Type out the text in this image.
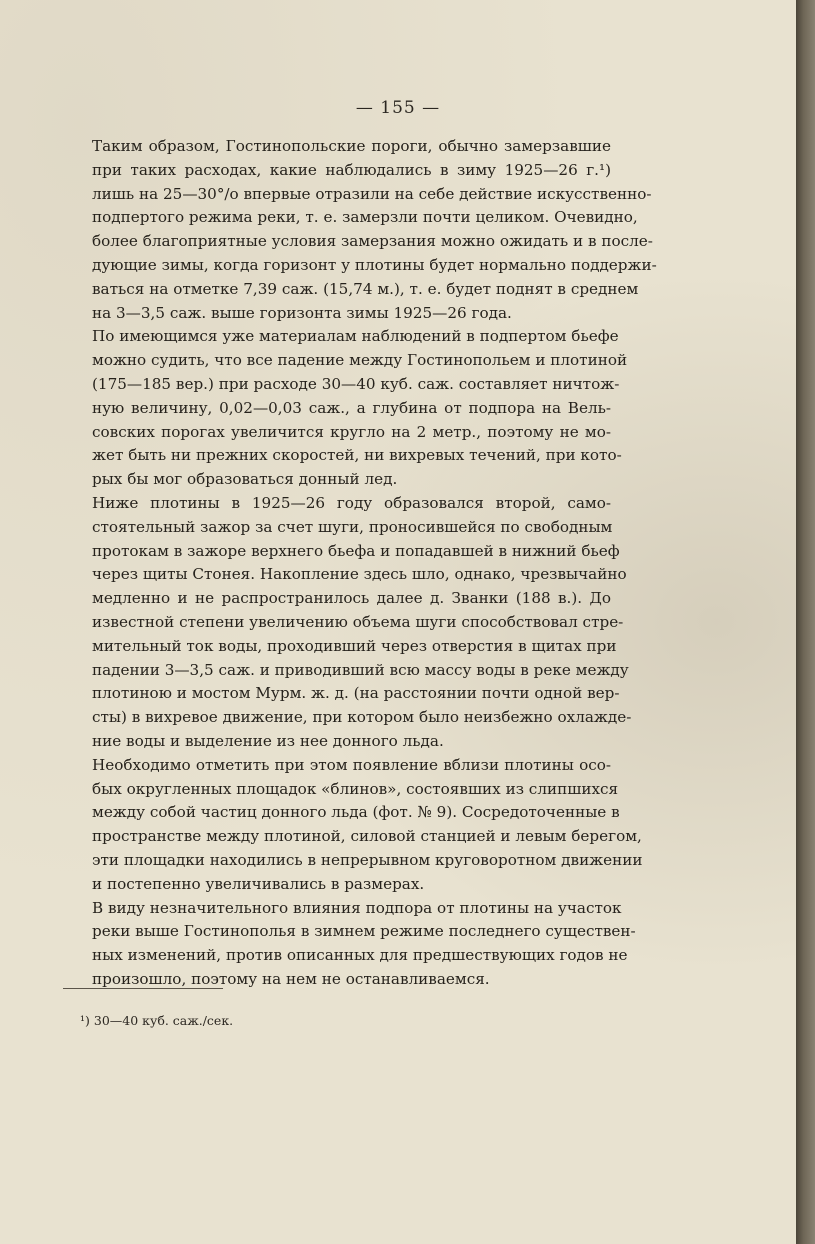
— 155 —
Таким образом, Гостинопольские пороги, обычно замерзавшие
при таких расходах, какие наблюдались в зиму 1925—26 г.¹)
лишь на 25—30°/о впервые отразили на себе действие искусственно-
подпертого режима реки, т. е. замерзли почти целиком. Очевидно,
более благоприятные условия замерзания можно ожидать и в после-
дующие зимы, когда горизонт у плотины будет нормально поддержи-
ваться на отметке 7,39 саж. (15,74 м.), т. е. будет поднят в среднем
на 3—3,5 саж. выше горизонта зимы 1925—26 года.
По имеющимся уже материалам наблюдений в подпертом бьефе
можно судить, что все падение между Гостинопольем и плотиной
(175—185 вер.) при расходе 30—40 куб. саж. составляет ничтож-
ную величину, 0,02—0,03 саж., а глубина от подпора на Вель-
совских порогах увеличится кругло на 2 метр., поэтому не мо-
жет быть ни прежних скоростей, ни вихревых течений, при кото-
рых бы мог образоваться донный лед.
Ниже плотины в 1925—26 году образовался второй, само-
стоятельный зажор за счет шуги, проносившейся по свободным
протокам в зажоре верхнего бьефа и попадавшей в нижний бьеф
через щиты Стонея. Накопление здесь шло, однако, чрезвычайно
медленно и не распространилось далее д. Званки (188 в.). До
известной степени увеличению объема шуги способствовал стре-
мительный ток воды, проходивший через отверстия в щитах при
падении 3—3,5 саж. и приводивший всю массу воды в реке между
плотиною и мостом Мурм. ж. д. (на расстоянии почти одной вер-
сты) в вихревое движение, при котором было неизбежно охлажде-
ние воды и выделение из нее донного льда.
Необходимо отметить при этом появление вблизи плотины осо-
бых округленных площадок «блинов», состоявших из слипшихся
между собой частиц донного льда (фот. № 9). Сосредоточенные в
пространстве между плотиной, силовой станцией и левым берегом,
эти площадки находились в непрерывном круговоротном движении
и постепенно увеличивались в размерах.
В виду незначительного влияния подпора от плотины на участок
реки выше Гостинополья в зимнем режиме последнего существен-
ных изменений, против описанных для предшествующих годов не
произошло, поэтому на нем не останавливаемся.
¹) 30—40 куб. саж./сек.
